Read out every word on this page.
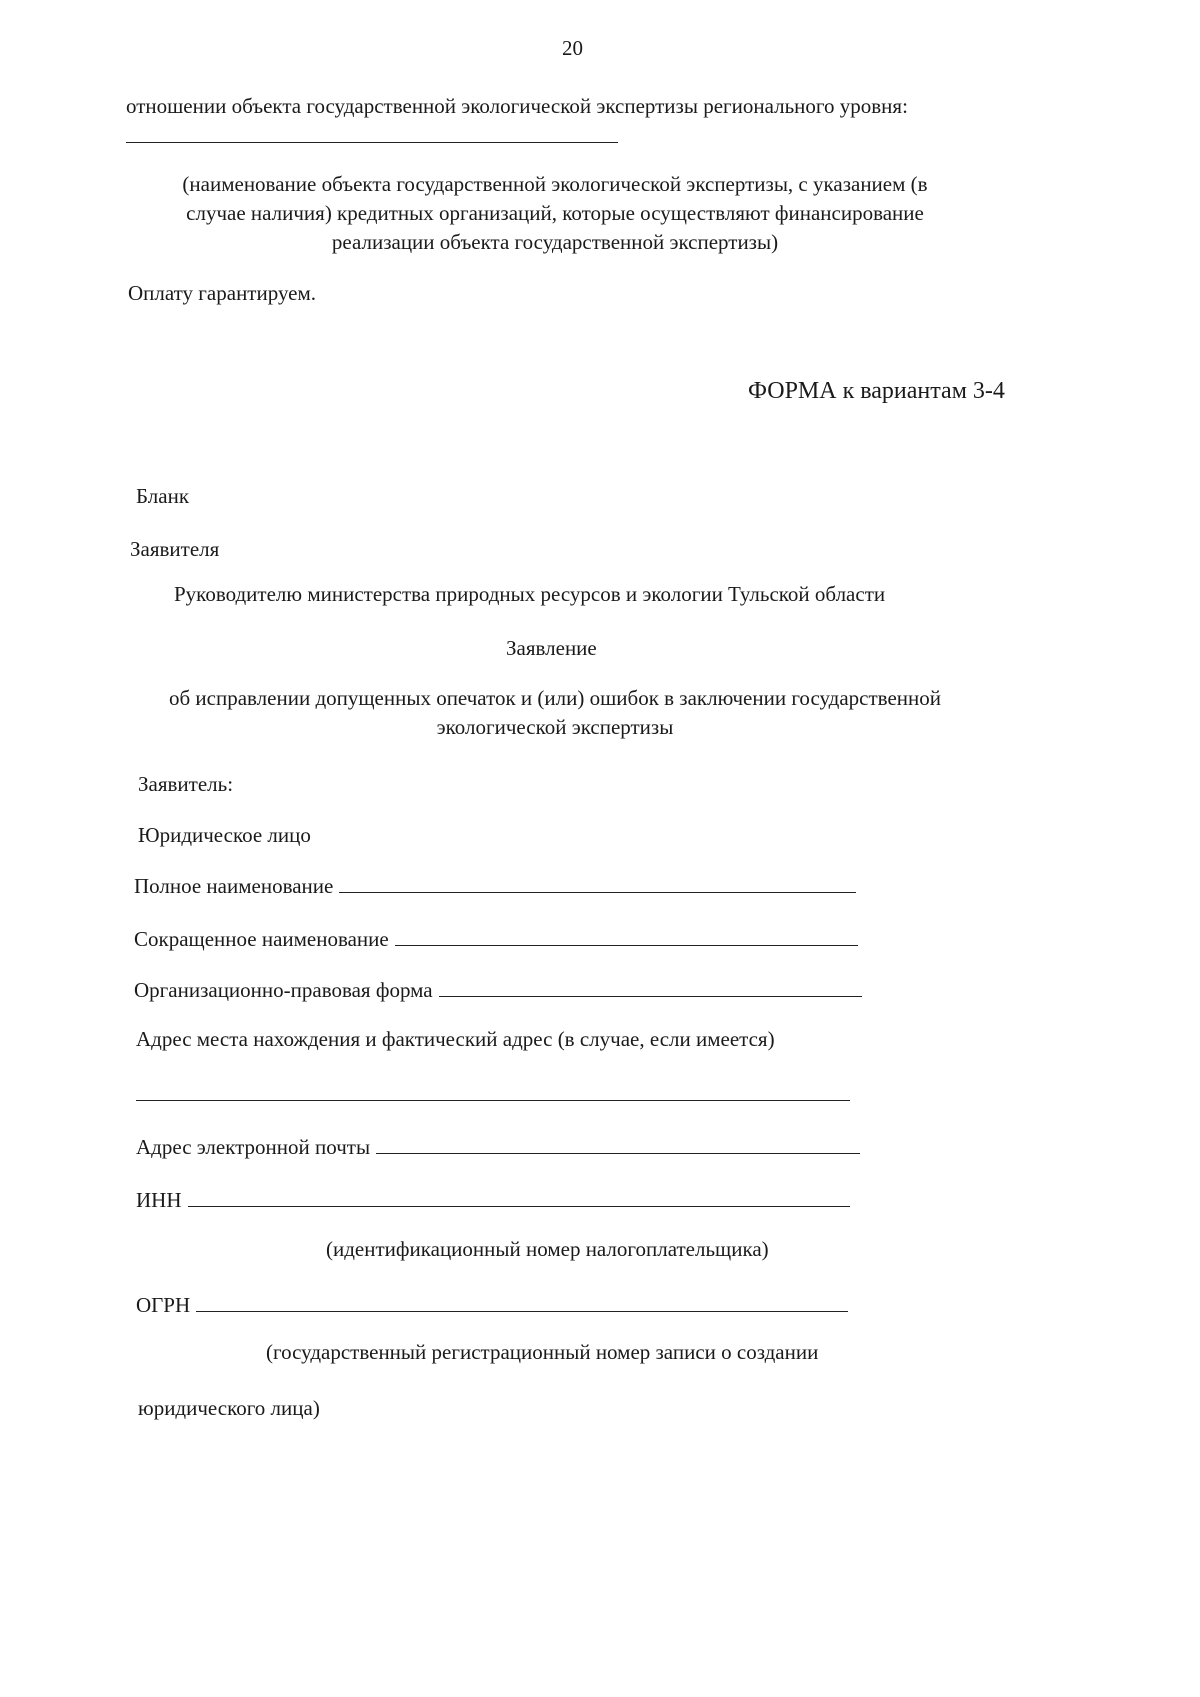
20
отношении объекта государственной экологической экспертизы регионального уровня:
(наименование объекта государственной экологической экспертизы, с указанием (в
случае наличия) кредитных организаций, которые осуществляют финансирование
реализации объекта государственной экспертизы)
Оплату гарантируем.
ФОРМА к вариантам 3-4
Бланк
Заявителя
Руководителю министерства природных ресурсов и экологии Тульской области
Заявление
об исправлении допущенных опечаток и (или) ошибок в заключении государственной
экологической экспертизы
Заявитель:
Юридическое лицо
Полное наименование
Сокращенное наименование
Организационно-правовая форма
Адрес места нахождения и фактический адрес (в случае, если имеется)
Адрес электронной почты
ИНН
(идентификационный номер налогоплательщика)
ОГРН
(государственный регистрационный номер записи о создании
юридического лица)
